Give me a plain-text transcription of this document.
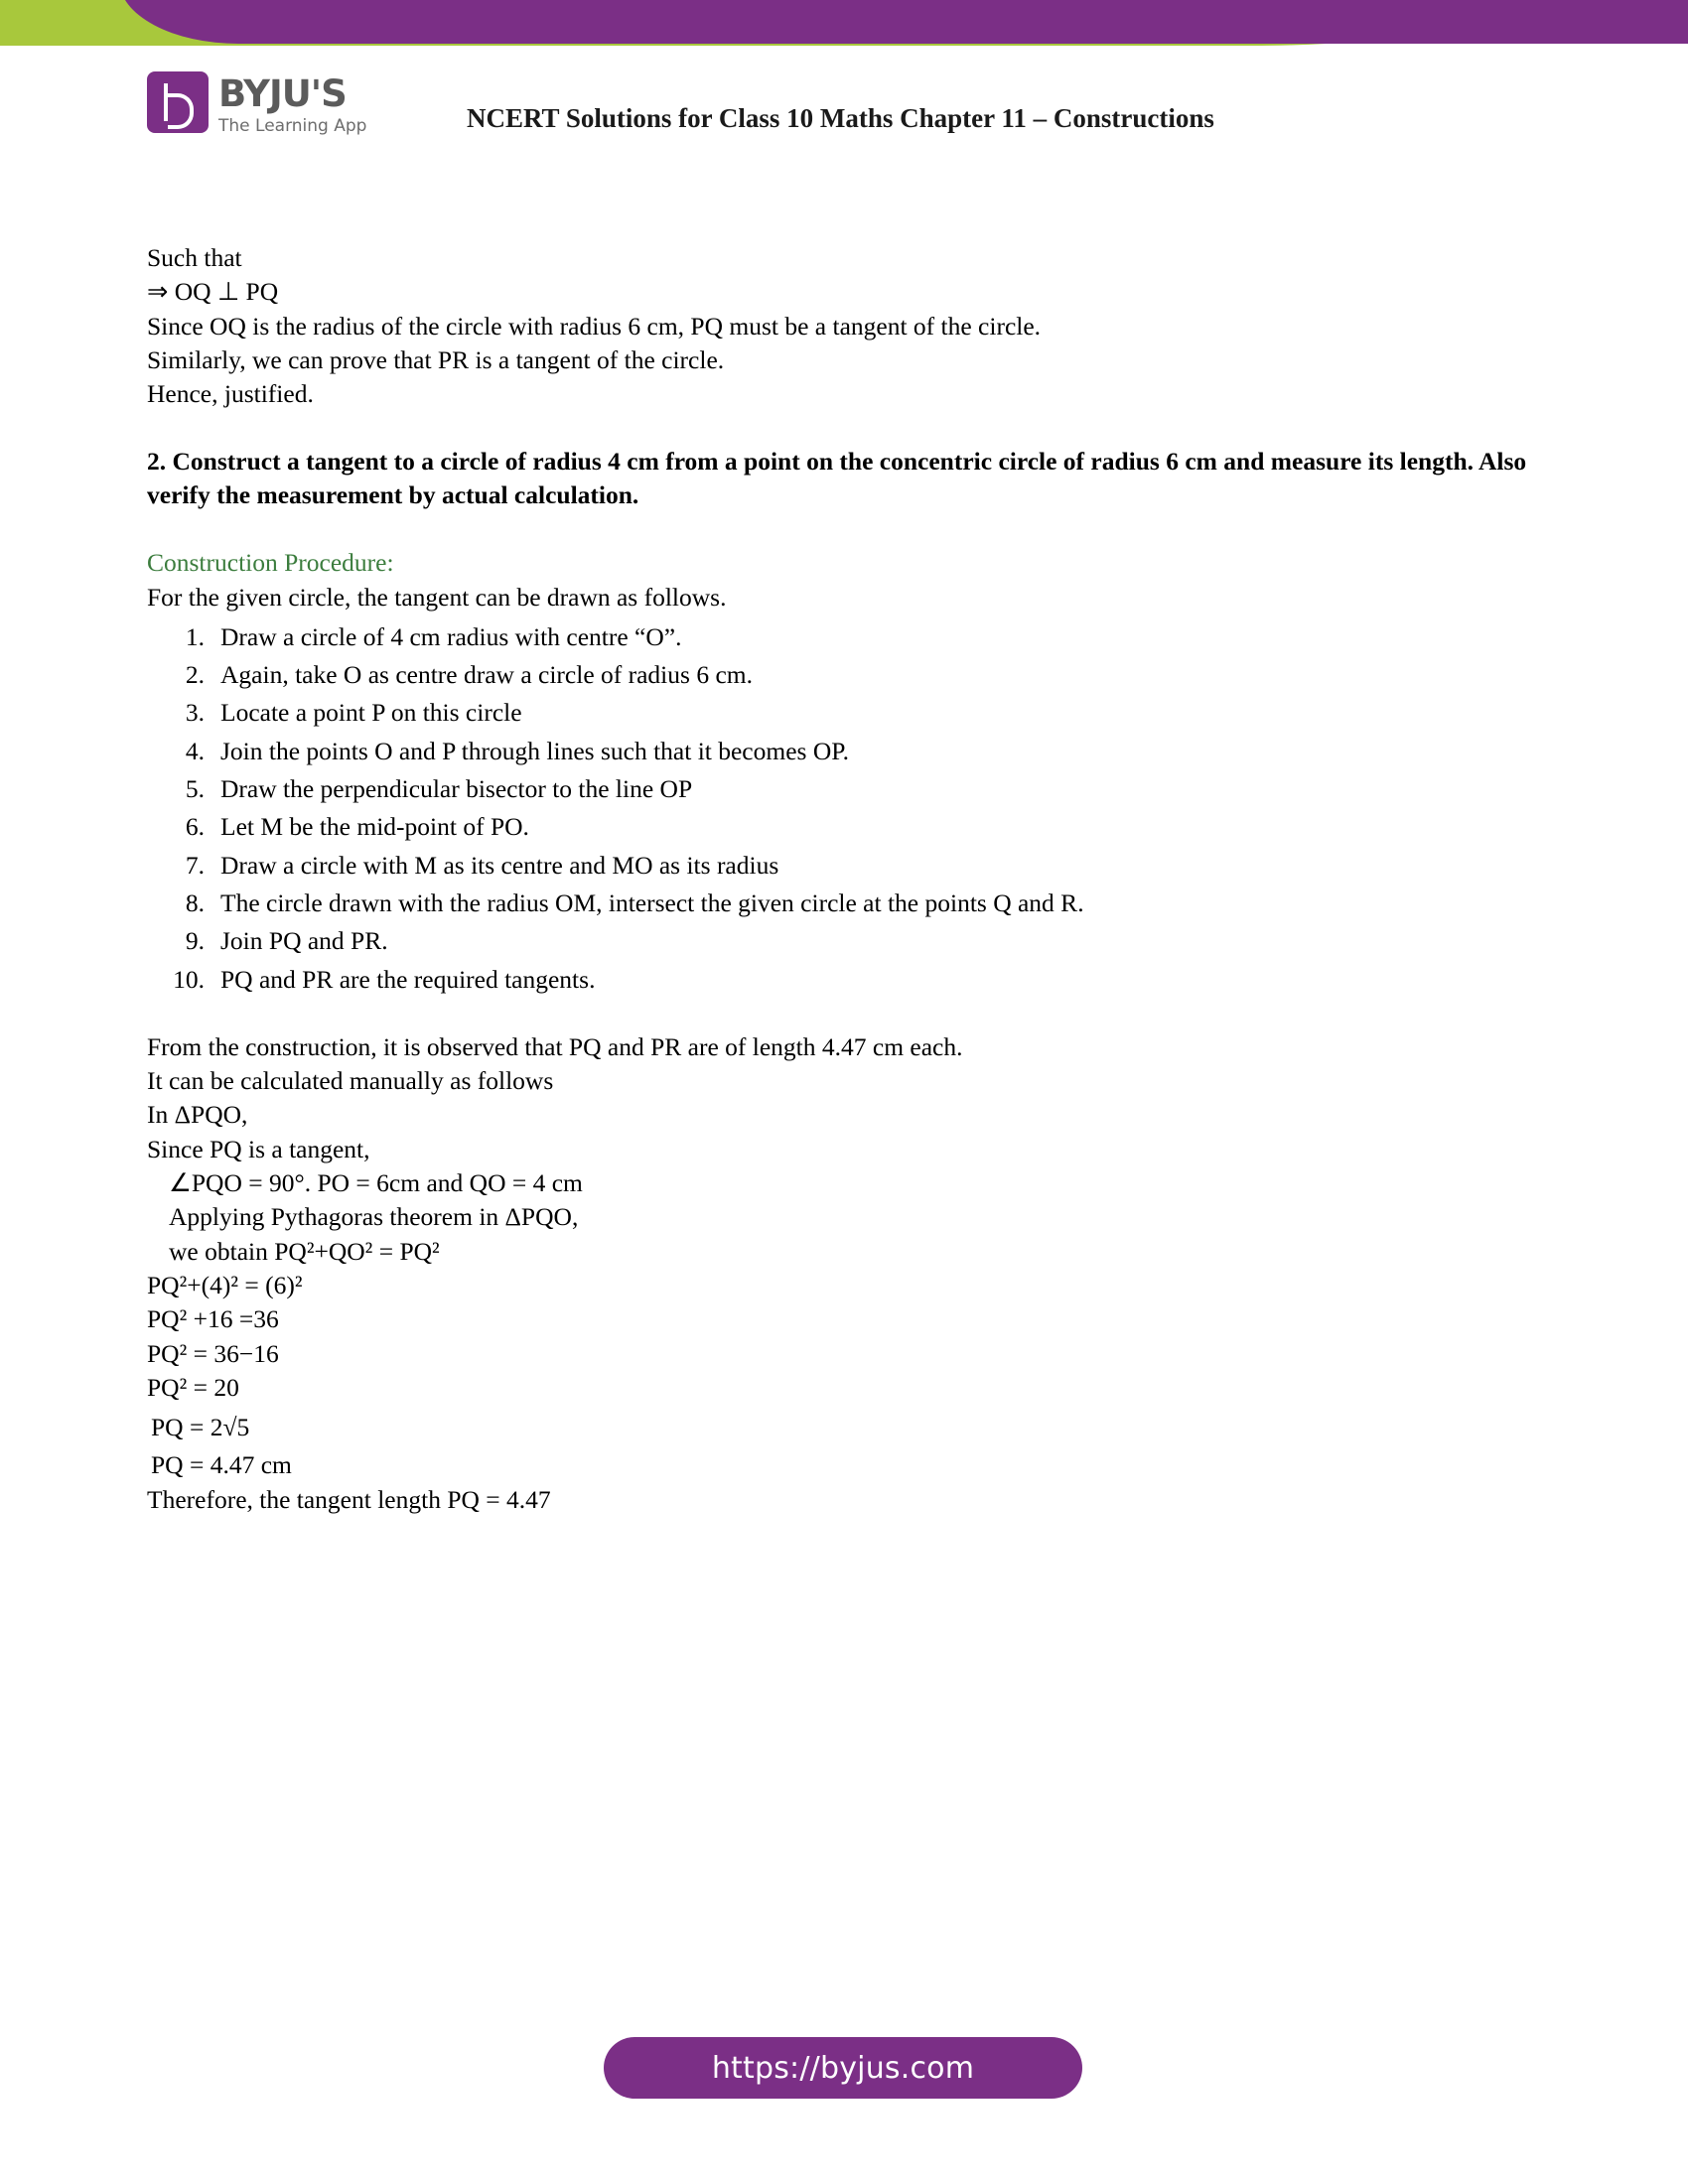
BYJU'S
The Learning App	NCERT Solutions for Class 10 Maths Chapter 11 – Constructions
Such that
⇒ OQ ⊥ PQ
Since OQ is the radius of the circle with radius 6 cm, PQ must be a tangent of the circle.
Similarly, we can prove that PR is a tangent of the circle.
Hence, justified.
2. Construct a tangent to a circle of radius 4 cm from a point on the concentric circle of radius 6 cm and measure its length. Also verify the measurement by actual calculation.
Construction Procedure:
For the given circle, the tangent can be drawn as follows.
1. Draw a circle of 4 cm radius with centre “O”.
2. Again, take O as centre draw a circle of radius 6 cm.
3. Locate a point P on this circle
4. Join the points O and P through lines such that it becomes OP.
5. Draw the perpendicular bisector to the line OP
6. Let M be the mid-point of PO.
7. Draw a circle with M as its centre and MO as its radius
8. The circle drawn with the radius OM, intersect the given circle at the points Q and R.
9. Join PQ and PR.
10. PQ and PR are the required tangents.
From the construction, it is observed that PQ and PR are of length 4.47 cm each.
It can be calculated manually as follows
In ΔPQO,
Since PQ is a tangent,
∠PQO = 90°. PO = 6cm and QO = 4 cm
Applying Pythagoras theorem in ΔPQO,
we obtain PQ²+QO² = PQ²
PQ²+(4)² = (6)²
PQ² +16 =36
PQ² = 36−16
PQ² = 20
PQ = 2√5
PQ = 4.47 cm
Therefore, the tangent length PQ = 4.47
https://byjus.com
